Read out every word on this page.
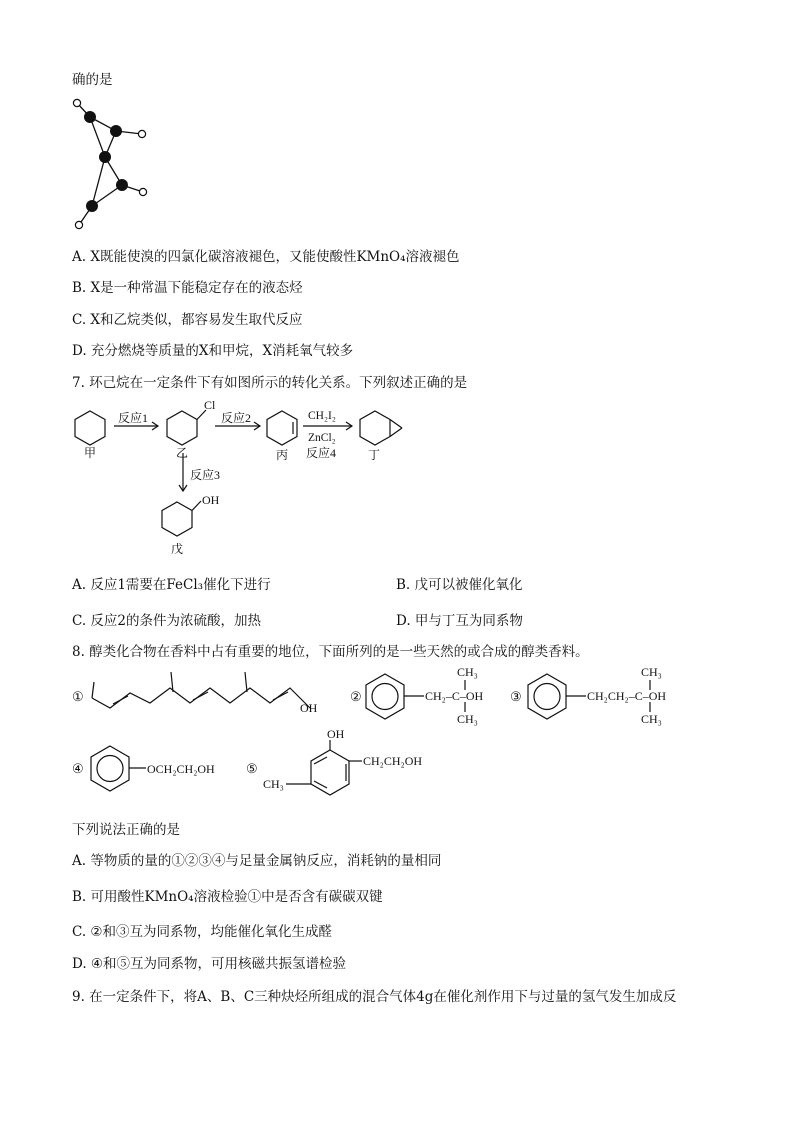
确的是
A. X既能使溴的四氯化碳溶液褪色，又能使酸性KMnO₄溶液褪色
B. X是一种常温下能稳定存在的液态烃
C. X和乙烷类似，都容易发生取代反应
D. 充分燃烧等质量的X和甲烷，X消耗氧气较多
7. 环己烷在一定条件下有如图所示的转化关系。下列叙述正确的是
甲	乙	丙	丁
戊
反应1	反应2
反应3
Cl
OH
CH₂I₂
ZnCl₂
反应4
A. 反应1需要在FeCl₃催化下进行	B. 戊可以被催化氧化
C. 反应2的条件为浓硫酸，加热	D. 甲与丁互为同系物
8. 醇类化合物在香料中占有重要的地位，下面所列的是一些天然的或合成的醇类香料。
①
OH
②	CH₂–C–OH
CH₃
CH₃
③	CH₂CH₂–C–OH
CH₃
CH₃
④	OCH₂CH₂OH ⑤
OH
CH₃
CH₂CH₂OH
下列说法正确的是
A. 等物质的量的①②③④与足量金属钠反应，消耗钠的量相同
B. 可用酸性KMnO₄溶液检验①中是否含有碳碳双键
C. ②和③互为同系物，均能催化氧化生成醛
D. ④和⑤互为同系物，可用核磁共振氢谱检验
9. 在一定条件下，将A、B、C三种炔烃所组成的混合气体4g在催化剂作用下与过量的氢气发生加成反
